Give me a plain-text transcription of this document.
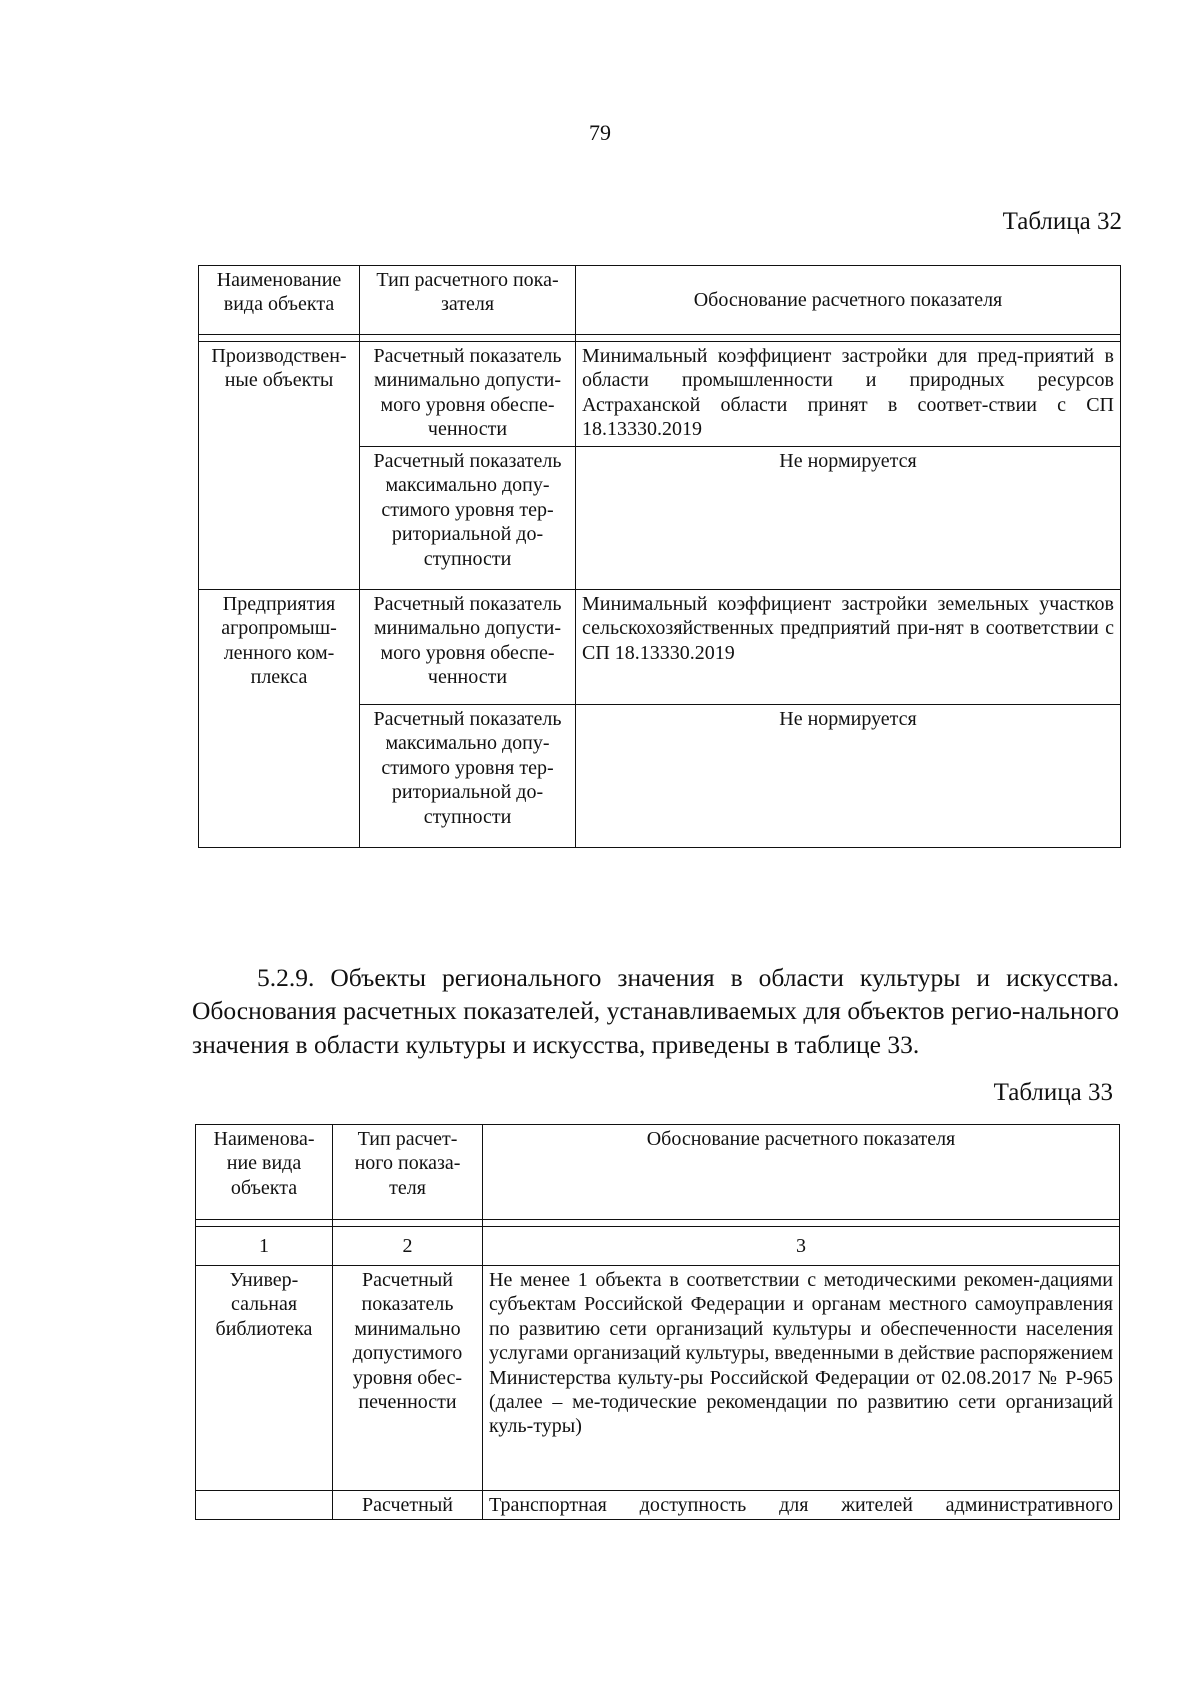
79
Таблица 32
Наименование вида объекта	Тип расчетного пока-зателя	Обоснование расчетного показателя

Производствен-ные объекты	Расчетный показатель минимально допусти-мого уровня обеспе-ченности	Минимальный коэффициент застройки для пред-приятий в области промышленности и природных ресурсов Астраханской области принят в соответ-ствии с СП 18.13330.2019
	Расчетный показатель максимально допу-стимого уровня тер-риториальной до-ступности	Не нормируется
Предприятия агропромыш-ленного ком-плекса	Расчетный показатель минимально допусти-мого уровня обеспе-ченности	Минимальный коэффициент застройки земельных участков сельскохозяйственных предприятий при-нят в соответствии с СП 18.13330.2019
	Расчетный показатель максимально допу-стимого уровня тер-риториальной до-ступности	Не нормируется

5.2.9. Объекты регионального значения в области культуры и искусства. Обоснования расчетных показателей, устанавливаемых для объектов регио-нального значения в области культуры и искусства, приведены в таблице 33.

Таблица 33
Наименова-ние вида объекта	Тип расчет-ного показа-теля	Обоснование расчетного показателя

1	2	3
Универ-сальная библиотека	Расчетный показатель минимально допустимого уровня обес-печенности	Не менее 1 объекта в соответствии с методическими рекомен-дациями субъектам Российской Федерации и органам местного самоуправления по развитию сети организаций культуры и обеспеченности населения услугами организаций культуры, введенными в действие распоряжением Министерства культу-ры Российской Федерации от 02.08.2017 № Р-965 (далее – ме-тодические рекомендации по развитию сети организаций куль-туры)
	Расчетный	Транспортная доступность для жителей административного
